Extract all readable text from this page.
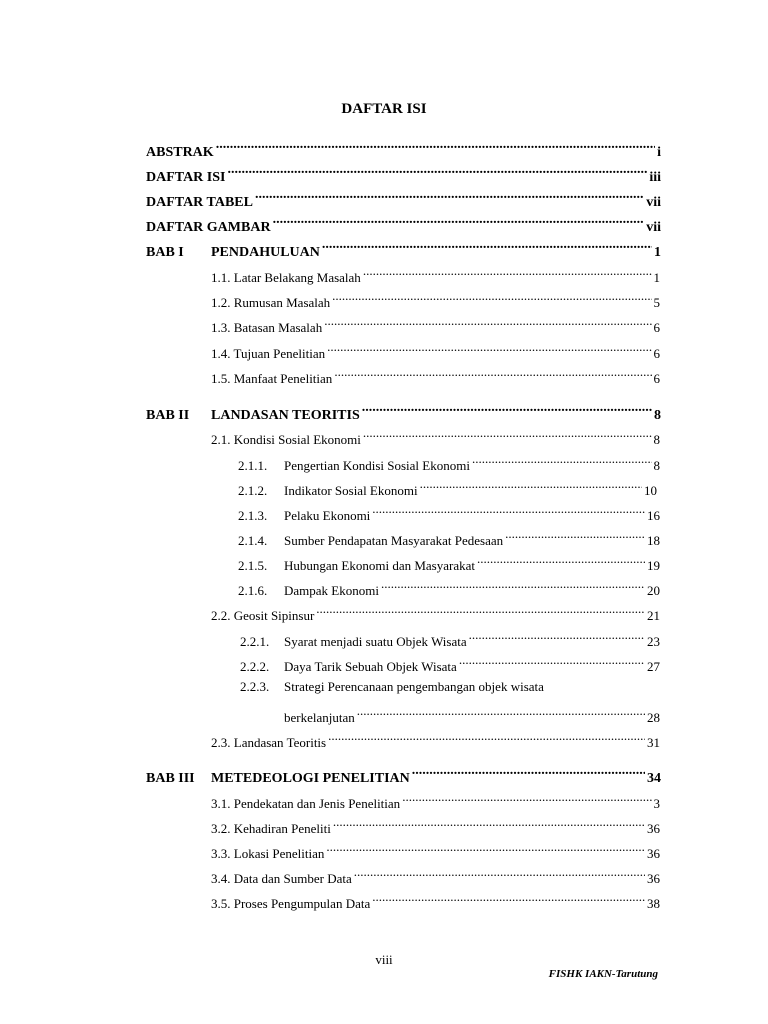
DAFTAR ISI
ABSTRAK .....	i
DAFTAR ISI .....	iii
DAFTAR TABEL .....	vii
DAFTAR GAMBAR .....	vii
BAB I	PENDAHULUAN .....	1
1.1. Latar Belakang Masalah .....	1
1.2. Rumusan Masalah .....	5
1.3. Batasan Masalah .....	6
1.4. Tujuan Penelitian .....	6
1.5. Manfaat Penelitian .....	6
BAB II	LANDASAN TEORITIS .....	8
2.1. Kondisi Sosial Ekonomi .....	8
2.1.1.	Pengertian Kondisi Sosial Ekonomi .....	8
2.1.2.	Indikator Sosial Ekonomi .....	10
2.1.3.	Pelaku Ekonomi .....	16
2.1.4.	Sumber Pendapatan Masyarakat Pedesaan .....	18
2.1.5.	Hubungan Ekonomi dan Masyarakat .....	19
2.1.6.	Dampak Ekonomi .....	20
2.2. Geosit Sipinsur .....	21
2.2.1.	Syarat menjadi suatu Objek Wisata .....	23
2.2.2.	Daya Tarik Sebuah Objek Wisata .....	27
2.2.3. Strategi Perencanaan pengembangan objek wisata
berkelanjutan .....	28
2.3. Landasan Teoritis .....	31
BAB III	METEDEOLOGI PENELITIAN .....	34
3.1. Pendekatan dan Jenis Penelitian .....	3
3.2. Kehadiran Peneliti .....	36
3.3. Lokasi Penelitian .....	36
3.4. Data dan Sumber Data .....	36
3.5. Proses Pengumpulan Data .....	38
viii
FISHK IAKN-Tarutung
